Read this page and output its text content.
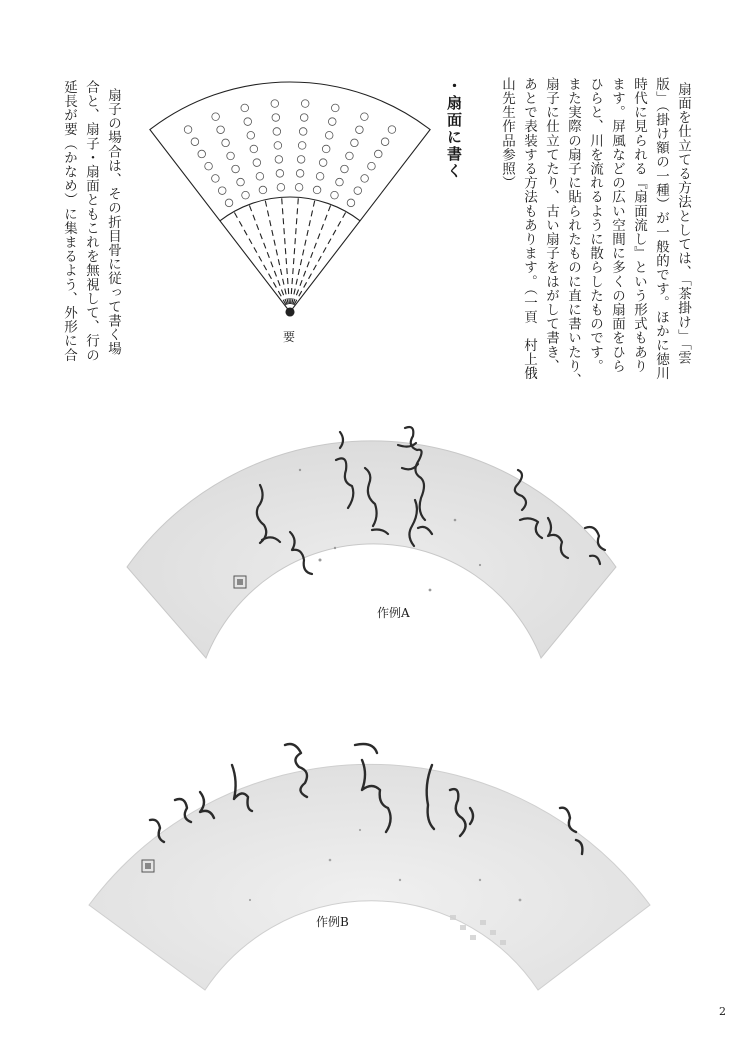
扇面を仕立てる方法としては、「茶掛け」「雲
版」（掛け額の一種）が一般的です。ほかに徳川
時代に見られる『扇面流し』という形式もあり
ます。屏風などの広い空間に多くの扇面をひら
ひらと、川を流れるように散らしたものです。
また実際の扇子に貼られたものに直に書いたり、
扇子に仕立てたり、古い扇子をはがして書き、
あとで表装する方法もあります。（一頁　村上俄
山先生作品参照）
・扇面に書く
要
扇子の場合は、その折目骨に従って書く場
合と、扇子・扇面ともこれを無視して、行の
延長が要（かなめ）に集まるよう、外形に合
作例A
作例B
2
